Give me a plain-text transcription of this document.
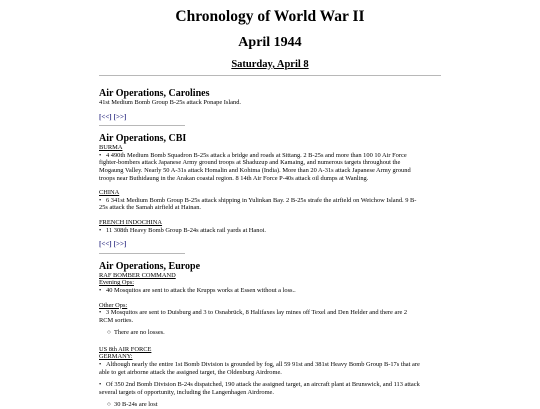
Chronology of World War II
April 1944
Saturday, April 8
Air Operations, Carolines
41st Medium Bomb Group B-25s attack Ponape Island.
[<<] [>>]
Air Operations, CBI
BURMA
• 4 490th Medium Bomb Squadron B-25s attack a bridge and roads at Sittang. 2 B-25s and more than 100 10 Air Force
fighter-bombers attack Japanese Army ground troops at Shaduzup and Kamaing, and numerous targets throughout the
Mogaung Valley. Nearly 50 A-31s attack Homalin and Kohima (India). More than 20 A-31s attack Japanese Army ground
troops near Buthidaung in the Arakan coastal region. 8 14th Air Force P-40s attack oil dumps at Wanling.
CHINA
• 6 341st Medium Bomb Group B-25s attack shipping in Yulinkan Bay. 2 B-25s strafe the airfield on Weichow Island. 9 B-
25s attack the Samah airfield at Hainan.
FRENCH INDOCHINA
• 11 308th Heavy Bomb Group B-24s attack rail yards at Hanoi.
[<<] [>>]
Air Operations, Europe
RAF BOMBER COMMAND
Evening Ops:
• 40 Mosquitos are sent to attack the Krupps works at Essen without a loss..
Other Ops:
• 3 Mosquitos are sent to Duisburg and 3 to Osnabrück, 8 Halifaxes lay mines off Texel and Den Helder and there are 2
RCM sorties.
○ There are no losses.
US 8th AIR FORCE
GERMANY:
• Although nearly the entire 1st Bomb Division is grounded by fog, all 59 91st and 381st Heavy Bomb Group B-17s that are
able to get airborne attack the assigned target, the Oldenburg Airdrome.
• Of 350 2nd Bomb Division B-24s dispatched, 190 attack the assigned target, an aircraft plant at Brunswick, and 113 attack
several targets of opportunity, including the Langenhagen Airdrome.
○ 30 B-24s are lost
